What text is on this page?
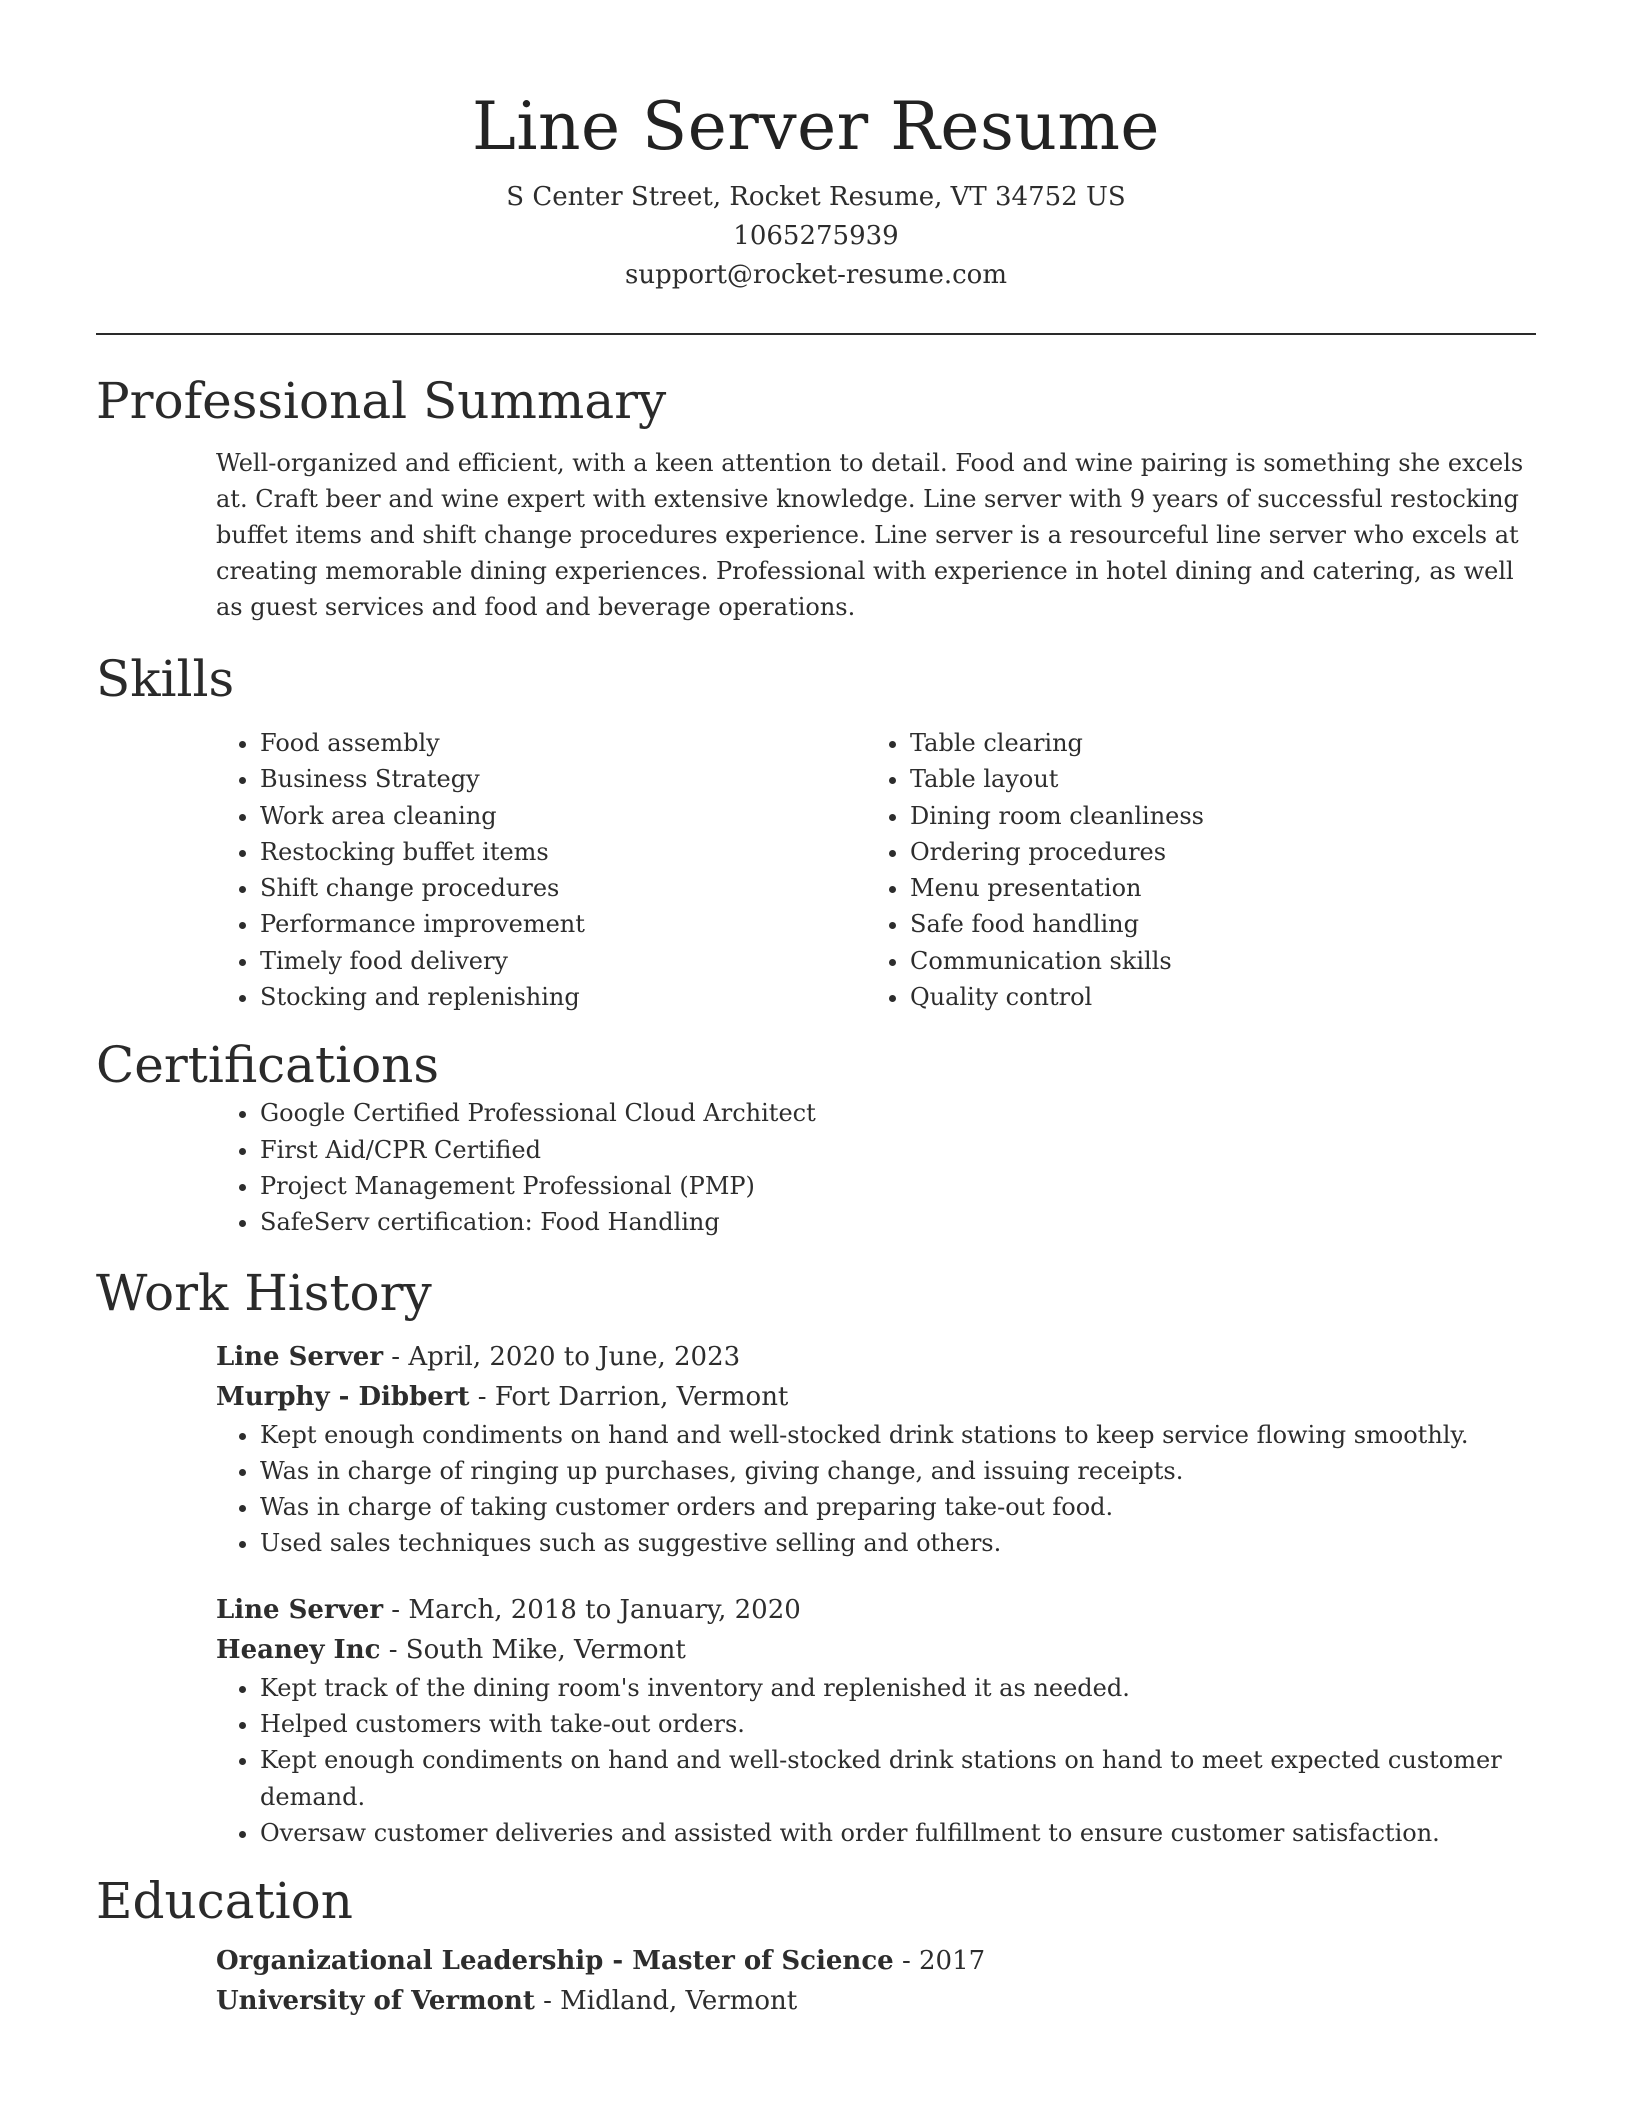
Line Server Resume

S Center Street, Rocket Resume, VT 34752 US

1065275939

support@rocket-resume.com

Professional Summary

Well-organized and efficient, with a keen attention to detail. Food and wine pairing is something she excels at. Craft beer and wine expert with extensive knowledge. Line server with 9 years of successful restocking buffet items and shift change procedures experience. Line server is a resourceful line server who excels at creating memorable dining experiences. Professional with experience in hotel dining and catering, as well as guest services and food and beverage operations.

Skills
• Food assembly
• Business Strategy
• Work area cleaning
• Restocking buffet items
• Shift change procedures
• Performance improvement
• Timely food delivery
• Stocking and replenishing
• Table clearing
• Table layout
• Dining room cleanliness
• Ordering procedures
• Menu presentation
• Safe food handling
• Communication skills
• Quality control
Certifications
• Google Certified Professional Cloud Architect
• First Aid/CPR Certified
• Project Management Professional (PMP)
• SafeServ certification: Food Handling
Work History

Line Server - April, 2020 to June, 2023

Murphy - Dibbert - Fort Darrion, Vermont

• Kept enough condiments on hand and well-stocked drink stations to keep service flowing smoothly.
• Was in charge of ringing up purchases, giving change, and issuing receipts.
• Was in charge of taking customer orders and preparing take-out food.
• Used sales techniques such as suggestive selling and others.

Line Server - March, 2018 to January, 2020

Heaney Inc - South Mike, Vermont

• Kept track of the dining room's inventory and replenished it as needed.
• Helped customers with take-out orders.
• Kept enough condiments on hand and well-stocked drink stations on hand to meet expected customer demand.
• Oversaw customer deliveries and assisted with order fulfillment to ensure customer satisfaction.
Education

Organizational Leadership - Master of Science - 2017

University of Vermont - Midland, Vermont
